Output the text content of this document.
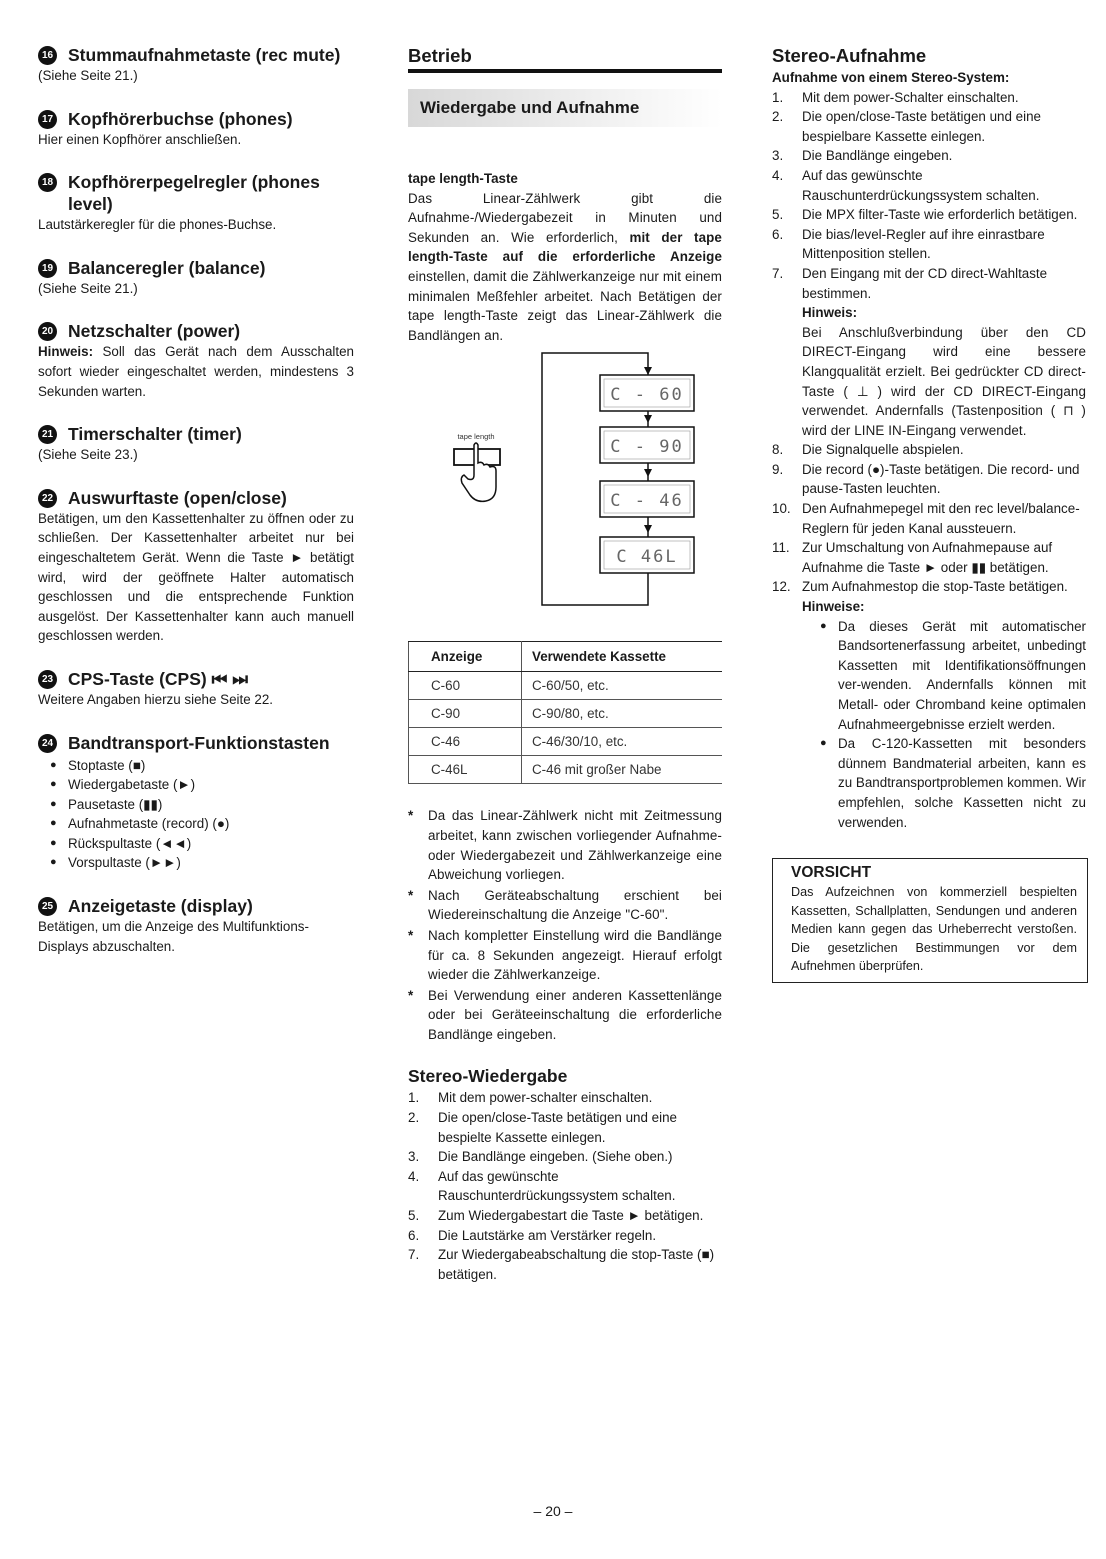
16 Stummaufnahmetaste (rec mute)
(Siehe Seite 21.)
17 Kopfhörerbuchse (phones)
Hier einen Kopfhörer anschließen.
18 Kopfhörerpegelregler (phones level)
Lautstärkeregler für die phones-Buchse.
19 Balanceregler (balance)
(Siehe Seite 21.)
20 Netzschalter (power)
Hinweis: Soll das Gerät nach dem Ausschalten sofort wieder eingeschaltet werden, mindestens 3 Sekunden warten.
21 Timerschalter (timer)
(Siehe Seite 23.)
22 Auswurftaste (open/close)
Betätigen, um den Kassettenhalter zu öffnen oder zu schließen. Der Kassettenhalter arbeitet nur bei eingeschaltetem Gerät. Wenn die Taste ► betätigt wird, wird der geöffnete Halter automatisch geschlossen und die entsprechende Funktion ausgelöst. Der Kassettenhalter kann auch manuell geschlossen werden.
23 CPS-Taste (CPS) ⏮ ⏭
Weitere Angaben hierzu siehe Seite 22.
24 Bandtransport-Funktionstasten
● Stoptaste (■)
● Wiedergabetaste (►)
● Pausetaste (▮▮)
● Aufnahmetaste (record) (●)
● Rückspultaste (◄◄)
● Vorspultaste (►►)
25 Anzeigetaste (display)
Betätigen, um die Anzeige des Multifunktions-Displays abzuschalten.
Betrieb
Wiedergabe und Aufnahme
tape length-Taste
Das Linear-Zählwerk gibt die Aufnahme-/Wiedergabezeit in Minuten und Sekunden an. Wie erforderlich, mit der tape length-Taste auf die erforderliche Anzeige einstellen, damit die Zählwerkanzeige nur mit einem minimalen Meßfehler arbeitet. Nach Betätigen der tape length-Taste zeigt das Linear-Zählwerk die Bandlängen an.
C - 60
C - 90
C - 46
C 46L
tape length
Anzeige	Verwendete Kassette
C-60	C-60/50, etc.
C-90	C-90/80, etc.
C-46	C-46/30/10, etc.
C-46L	C-46 mit großer Nabe
* Da das Linear-Zählwerk nicht mit Zeitmessung arbeitet, kann zwischen vorliegender Aufnahme- oder Wiedergabezeit und Zählwerkanzeige eine Abweichung vorliegen.
* Nach Geräteabschaltung erschient bei Wiedereinschaltung die Anzeige "C-60".
* Nach kompletter Einstellung wird die Bandlänge für ca. 8 Sekunden angezeigt. Hierauf erfolgt wieder die Zählwerkanzeige.
* Bei Verwendung einer anderen Kassettenlänge oder bei Geräteeinschaltung die erforderliche Bandlänge eingeben.
Stereo-Wiedergabe
1.	Mit dem power-schalter einschalten.
2.	Die open/close-Taste betätigen und eine bespielte Kassette einlegen.
3.	Die Bandlänge eingeben. (Siehe oben.)
4.	Auf das gewünschte Rauschunterdrückungssystem schalten.
5.	Zum Wiedergabestart die Taste ► betätigen.
6.	Die Lautstärke am Verstärker regeln.
7.	Zur Wiedergabeabschaltung die stop-Taste (■) betätigen.
Stereo-Aufnahme
Aufnahme von einem Stereo-System:
1.	Mit dem power-Schalter einschalten.
2.	Die open/close-Taste betätigen und eine bespielbare Kassette einlegen.
3.	Die Bandlänge eingeben.
4.	Auf das gewünschte Rauschunterdrückungssystem schalten.
5.	Die MPX filter-Taste wie erforderlich betätigen.
6.	Die bias/level-Regler auf ihre einrastbare Mittenposition stellen.
7.	Den Eingang mit der CD direct-Wahltaste bestimmen.
Hinweis:
Bei Anschlußverbindung über den CD DIRECT-Eingang wird eine bessere Klangqualität erzielt. Bei gedrückter CD direct-Taste ( ⊥ ) wird der CD DIRECT-Eingang verwendet. Andernfalls (Tastenposition ( ⊓ ) wird der LINE IN-Eingang verwendet.
8.	Die Signalquelle abspielen.
9.	Die record (●)-Taste betätigen. Die record- und pause-Tasten leuchten.
10. Den Aufnahmepegel mit den rec level/balance-Reglern für jeden Kanal aussteuern.
11. Zur Umschaltung von Aufnahmepause auf Aufnahme die Taste ► oder ▮▮ betätigen.
12. Zum Aufnahmestop die stop-Taste betätigen.
Hinweise:
● Da dieses Gerät mit automatischer Bandsortenerfassung arbeitet, unbedingt Kassetten mit Identifikationsöffnungen ver-wenden. Andernfalls können mit Metall- oder Chromband keine optimalen Aufnahmeergebnisse erzielt werden.
● Da C-120-Kassetten mit besonders dünnem Bandmaterial arbeiten, kann es zu Bandtransportproblemen kommen. Wir empfehlen, solche Kassetten nicht zu verwenden.
VORSICHT
Das Aufzeichnen von kommerziell bespielten Kassetten, Schallplatten, Sendungen und anderen Medien kann gegen das Urheberrecht verstoßen. Die gesetzlichen Bestimmungen vor dem Aufnehmen überprüfen.
– 20 –
